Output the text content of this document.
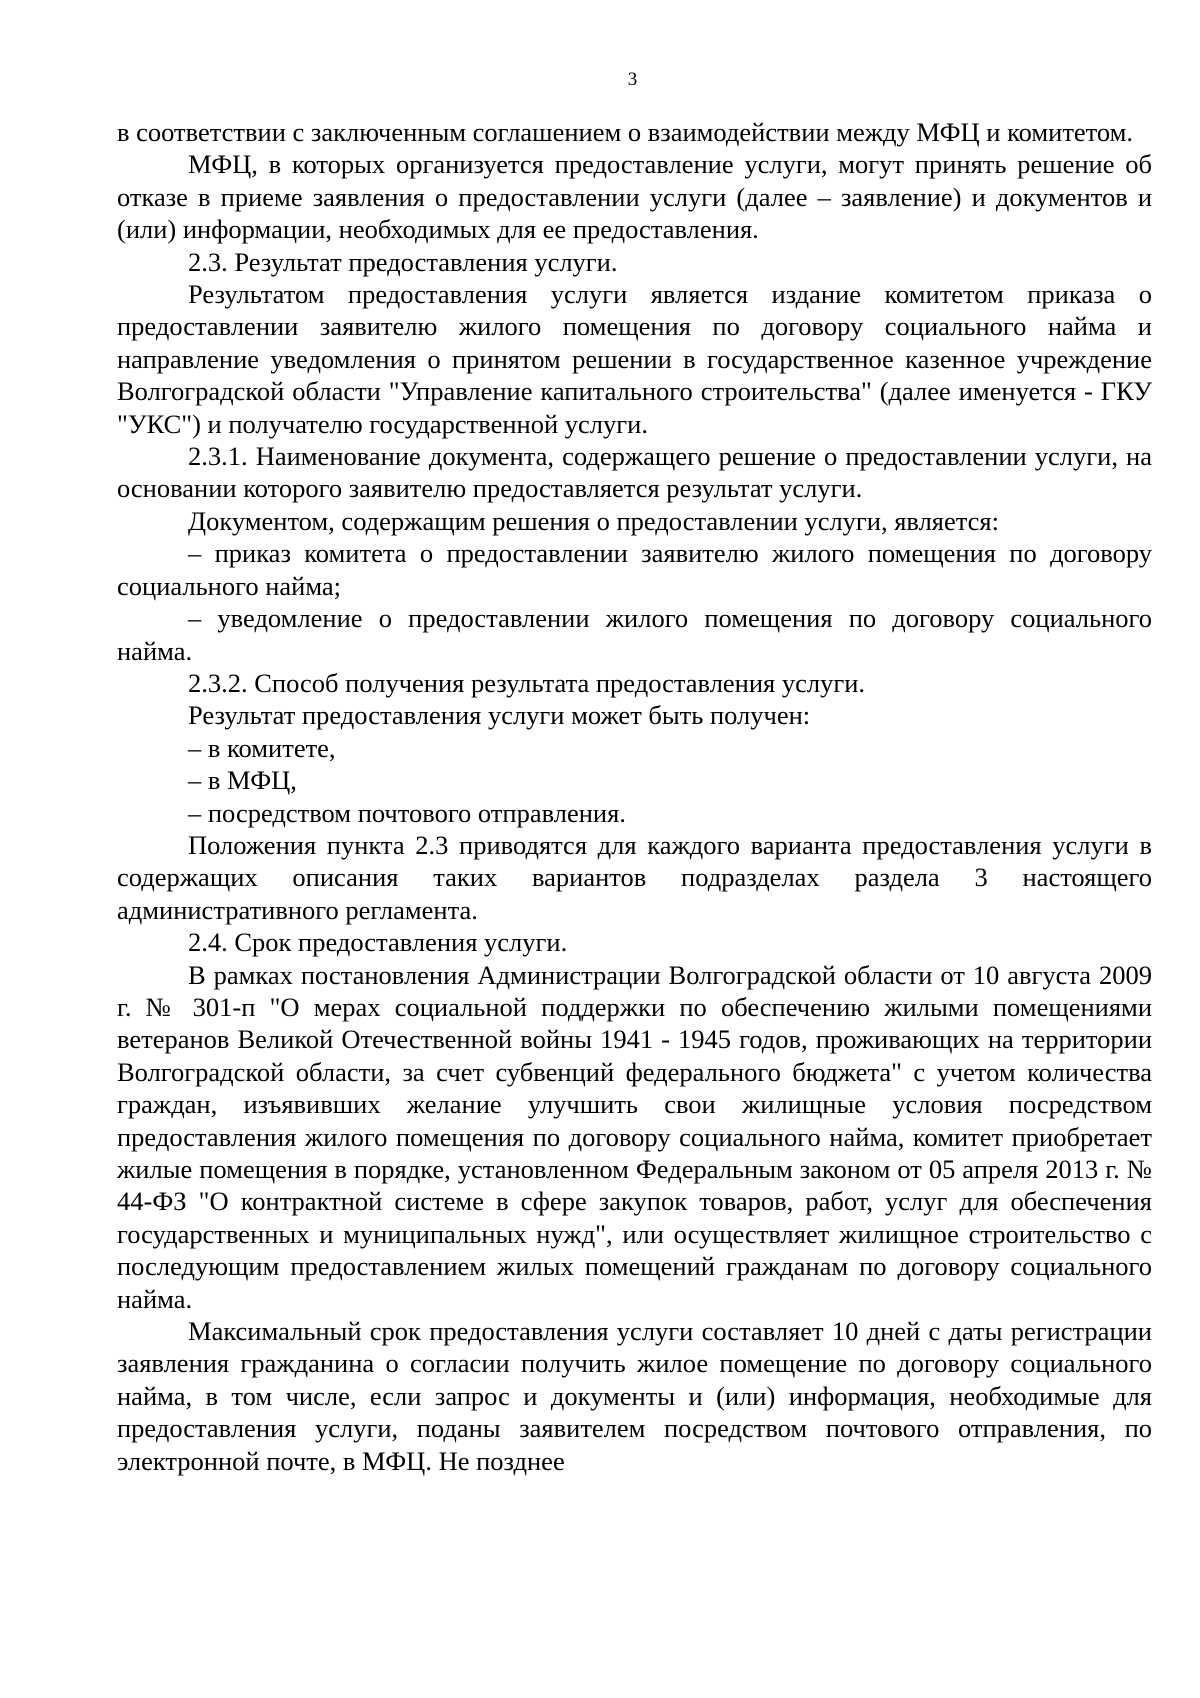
3

в соответствии с заключенным соглашением о взаимодействии между МФЦ и комитетом.

МФЦ, в которых организуется предоставление услуги, могут принять решение об отказе в приеме заявления о предоставлении услуги (далее – заявление) и документов и (или) информации, необходимых для ее предоставления.

2.3. Результат предоставления услуги.

Результатом предоставления услуги является издание комитетом приказа о предоставлении заявителю жилого помещения по договору социального найма и направление уведомления о принятом решении в государственное казенное учреждение Волгоградской области "Управление капитального строительства" (далее именуется - ГКУ "УКС") и получателю государственной услуги.

2.3.1. Наименование документа, содержащего решение о предоставлении услуги, на основании которого заявителю предоставляется результат услуги.

Документом, содержащим решения о предоставлении услуги, является:

– приказ комитета о предоставлении заявителю жилого помещения по договору социального найма;

– уведомление о предоставлении жилого помещения по договору социального найма.

2.3.2. Способ получения результата предоставления услуги.

Результат предоставления услуги может быть получен:

– в комитете,

– в МФЦ,

– посредством почтового отправления.

Положения пункта 2.3 приводятся для каждого варианта предоставления услуги в содержащих описания таких вариантов подразделах раздела 3 настоящего административного регламента.

2.4. Срок предоставления услуги.

В рамках постановления Администрации Волгоградской области от 10 августа 2009 г. № 301-п "О мерах социальной поддержки по обеспечению жилыми помещениями ветеранов Великой Отечественной войны 1941 - 1945 годов, проживающих на территории Волгоградской области, за счет субвенций федерального бюджета" с учетом количества граждан, изъявивших желание улучшить свои жилищные условия посредством предоставления жилого помещения по договору социального найма, комитет приобретает жилые помещения в порядке, установленном Федеральным законом от 05 апреля 2013 г. № 44-ФЗ "О контрактной системе в сфере закупок товаров, работ, услуг для обеспечения государственных и муниципальных нужд", или осуществляет жилищное строительство с последующим предоставлением жилых помещений гражданам по договору социального найма.

Максимальный срок предоставления услуги составляет 10 дней с даты регистрации заявления гражданина о согласии получить жилое помещение по договору социального найма, в том числе, если запрос и документы и (или) информация, необходимые для предоставления услуги, поданы заявителем посредством почтового отправления, по электронной почте, в МФЦ. Не позднее
